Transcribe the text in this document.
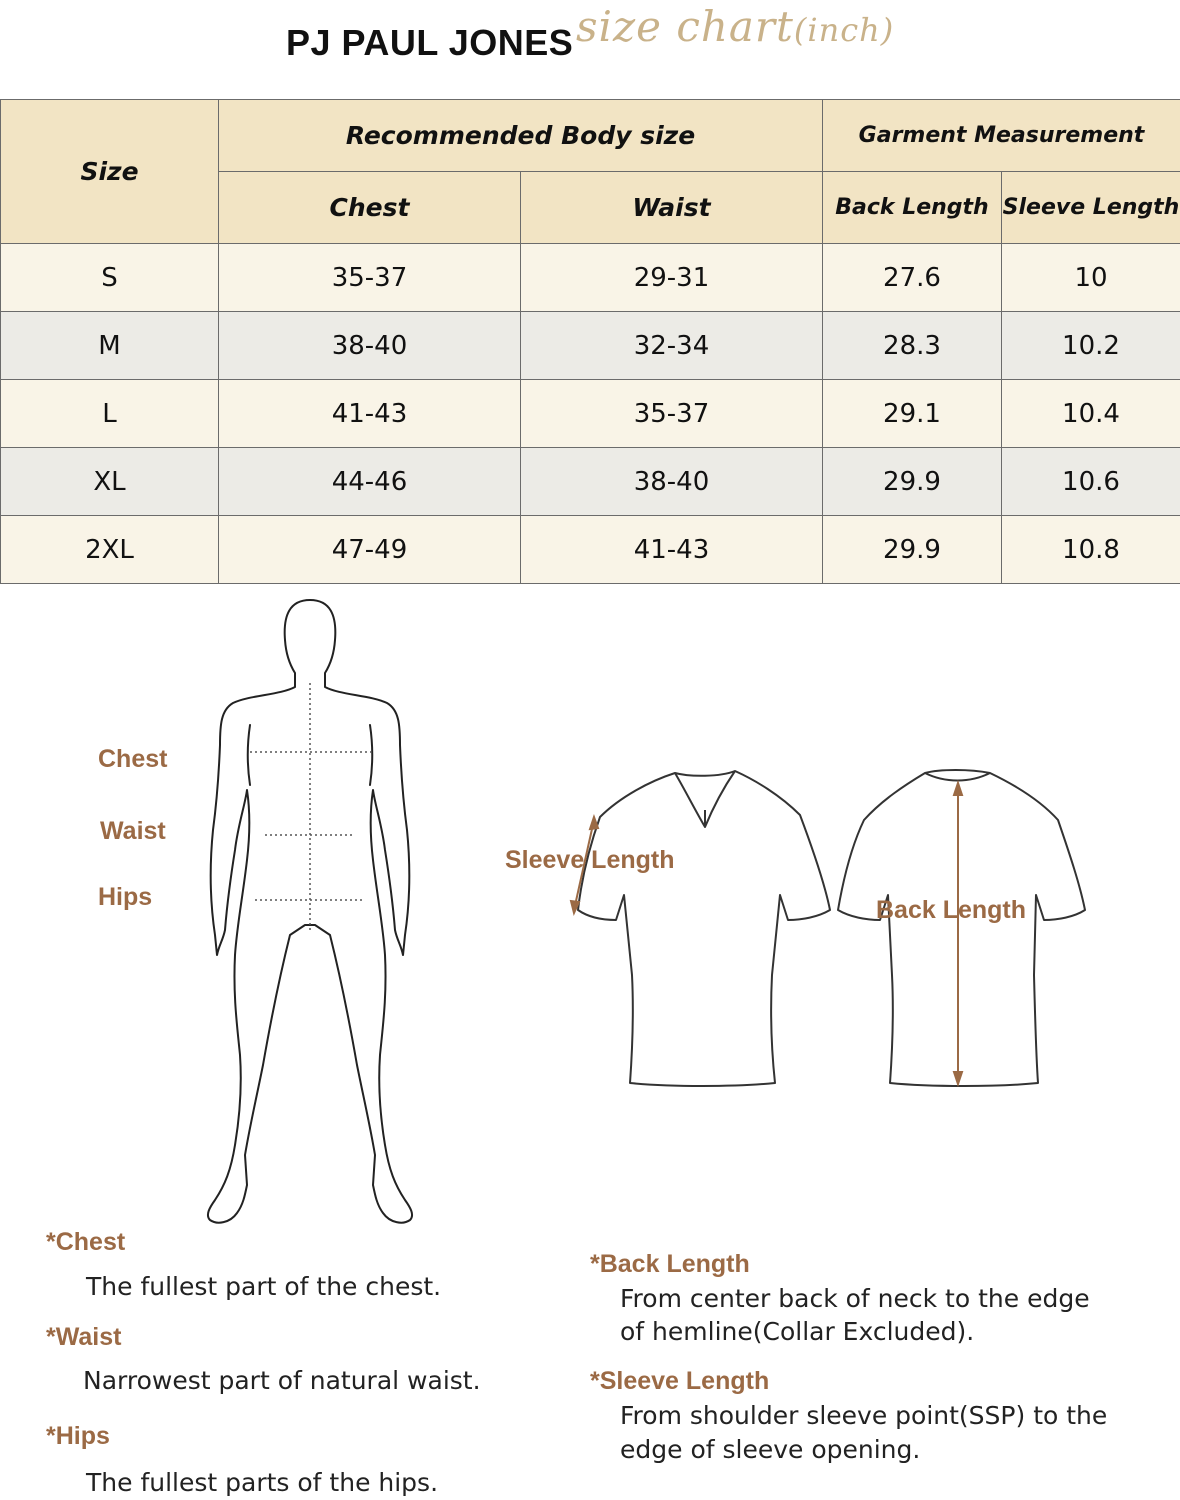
PJ PAUL JONES size chart(inch)
Size	Recommended Body size		Garment Measurement	
	Chest	Waist	Back Length	Sleeve Length
S	35-37	29-31	27.6	10
M	38-40	32-34	28.3	10.2
L	41-43	35-37	29.1	10.4
XL	44-46	38-40	29.9	10.6
2XL	47-49	41-43	29.9	10.8
Chest
Waist
Hips
Sleeve Length
Back Length
*Chest
The fullest part of the chest.
*Waist
Narrowest part of natural waist.
*Hips
The fullest parts of the hips.
*Back Length
From center back of neck to the edge
of hemline(Collar Excluded).
*Sleeve Length
From shoulder sleeve point(SSP) to the
edge of sleeve opening.
